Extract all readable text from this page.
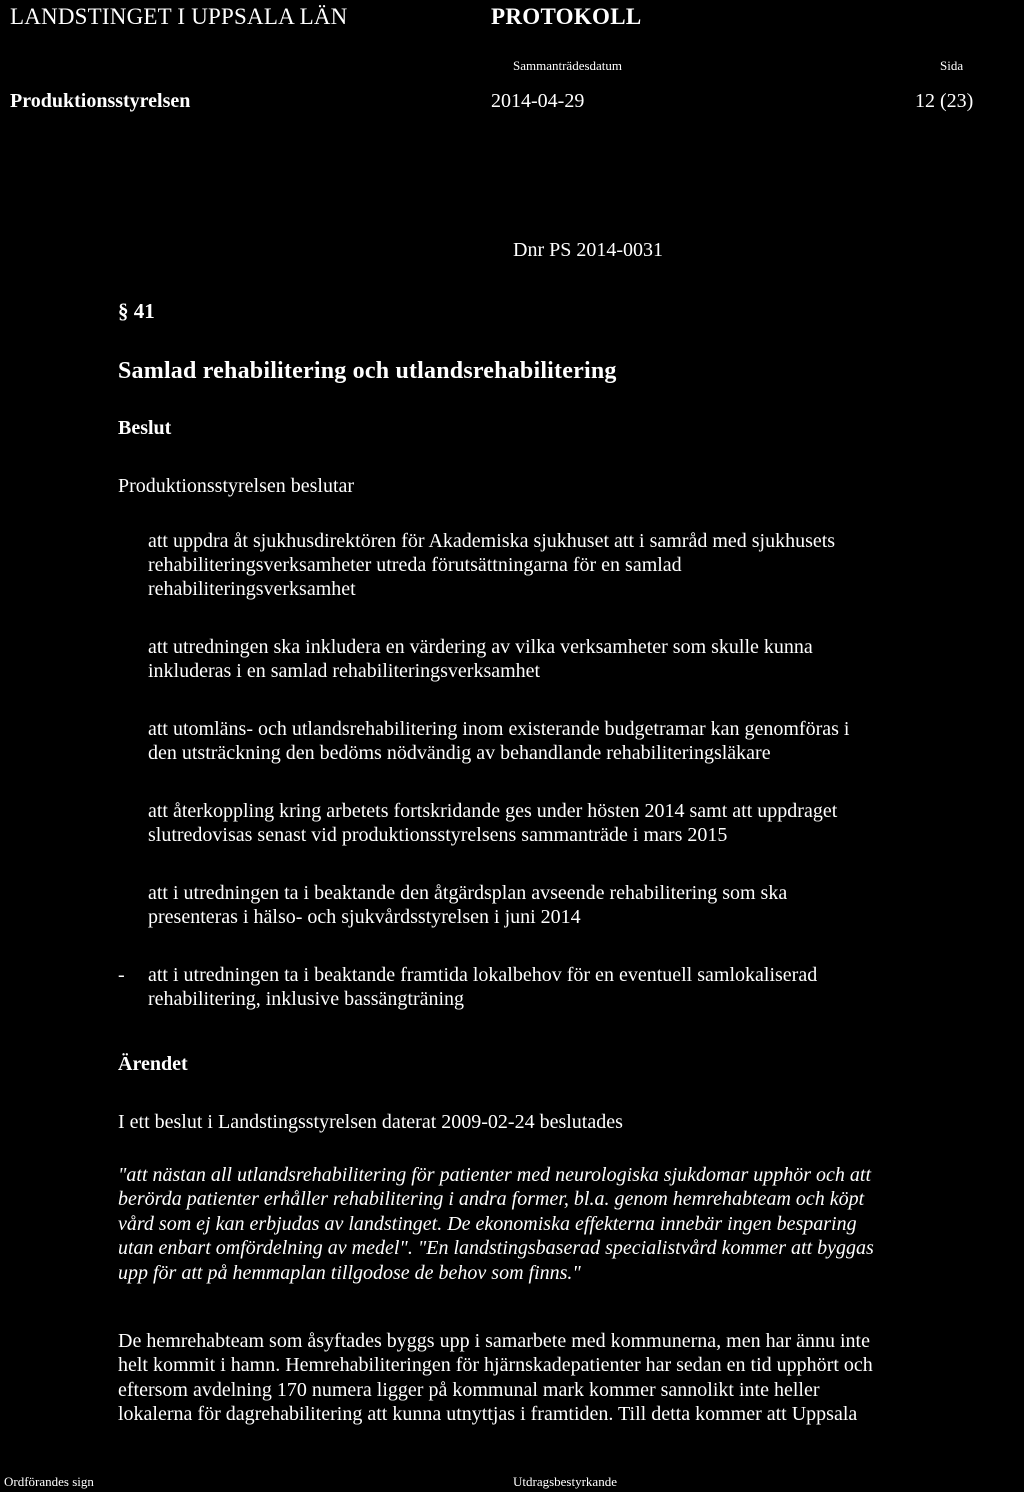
LANDSTINGET I UPPSALA LÄN	PROTOKOLL
Sammanträdesdatum	Sida
Produktionsstyrelsen	2014-04-29	12 (23)
Dnr PS 2014-0031
§ 41
Samlad rehabilitering och utlandsrehabilitering
Beslut
Produktionsstyrelsen beslutar
att uppdra åt sjukhusdirektören för Akademiska sjukhuset att i samråd med sjukhusets
rehabiliteringsverksamheter utreda förutsättningarna för en samlad
rehabiliteringsverksamhet
att utredningen ska inkludera en värdering av vilka verksamheter som skulle kunna
inkluderas i en samlad rehabiliteringsverksamhet
att utomläns- och utlandsrehabilitering inom existerande budgetramar kan genomföras i
den utsträckning den bedöms nödvändig av behandlande rehabiliteringsläkare
att återkoppling kring arbetets fortskridande ges under hösten 2014 samt att uppdraget
slutredovisas senast vid produktionsstyrelsens sammanträde i mars 2015
att i utredningen ta i beaktande den åtgärdsplan avseende rehabilitering som ska
presenteras i hälso- och sjukvårdsstyrelsen i juni 2014
- att i utredningen ta i beaktande framtida lokalbehov för en eventuell samlokaliserad
rehabilitering, inklusive bassängträning
Ärendet
I ett beslut i Landstingsstyrelsen daterat 2009-02-24 beslutades
"att nästan all utlandsrehabilitering för patienter med neurologiska sjukdomar upphör och att
berörda patienter erhåller rehabilitering i andra former, bl.a. genom hemrehabteam och köpt
vård som ej kan erbjudas av landstinget. De ekonomiska effekterna innebär ingen besparing
utan enbart omfördelning av medel". "En landstingsbaserad specialistvård kommer att byggas
upp för att på hemmaplan tillgodose de behov som finns."
De hemrehabteam som åsyftades byggs upp i samarbete med kommunerna, men har ännu inte
helt kommit i hamn. Hemrehabiliteringen för hjärnskadepatienter har sedan en tid upphört och
eftersom avdelning 170 numera ligger på kommunal mark kommer sannolikt inte heller
lokalerna för dagrehabilitering att kunna utnyttjas i framtiden. Till detta kommer att Uppsala
Ordförandes sign	Utdragsbestyrkande
